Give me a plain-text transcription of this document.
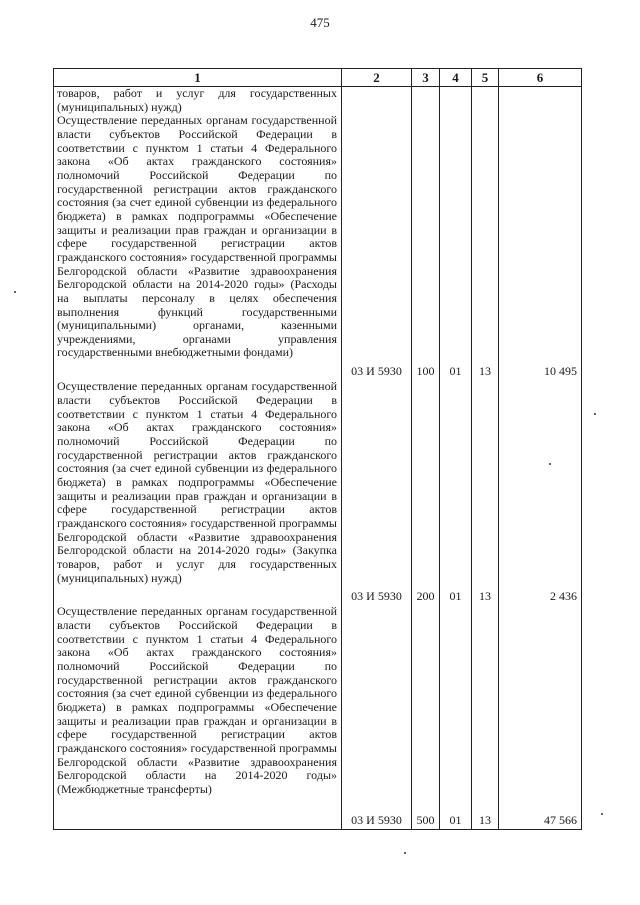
475
1	2	3	4	5	6
товаров, работ и услуг для государственных (муниципальных) нужд)					
Осуществление переданных органам государственной власти субъектов Российской Федерации в соответствии с пунктом 1 статьи 4 Федерального закона «Об актах гражданского состояния» полномочий Российской Федерации по государственной регистрации актов гражданского состояния (за счет единой субвенции из федерального бюджета) в рамках подпрограммы «Обеспечение защиты и реализации прав граждан и организации в сфере государственной регистрации актов гражданского состояния» государственной программы Белгородской области «Развитие здравоохранения Белгородской области на 2014-2020 годы» (Расходы на выплаты персоналу в целях обеспечения выполнения функций государственными (муниципальными) органами, казенными учреждениями, органами управления государственными внебюджетными фондами)	03 И 5930	100	01	13	10 495
Осуществление переданных органам государственной власти субъектов Российской Федерации в соответствии с пунктом 1 статьи 4 Федерального закона «Об актах гражданского состояния» полномочий Российской Федерации по государственной регистрации актов гражданского состояния (за счет единой субвенции из федерального бюджета) в рамках подпрограммы «Обеспечение защиты и реализации прав граждан и организации в сфере государственной регистрации актов гражданского состояния» государственной программы Белгородской области «Развитие здравоохранения Белгородской области на 2014-2020 годы» (Закупка товаров, работ и услуг для государственных (муниципальных) нужд)	03 И 5930	200	01	13	2 436
Осуществление переданных органам государственной власти субъектов Российской Федерации в соответствии с пунктом 1 статьи 4 Федерального закона «Об актах гражданского состояния» полномочий Российской Федерации по государственной регистрации актов гражданского состояния (за счет единой субвенции из федерального бюджета) в рамках подпрограммы «Обеспечение защиты и реализации прав граждан и организации в сфере государственной регистрации актов гражданского состояния» государственной программы Белгородской области «Развитие здравоохранения Белгородской области на 2014-2020 годы» (Межбюджетные трансферты)	03 И 5930	500	01	13	47 566
